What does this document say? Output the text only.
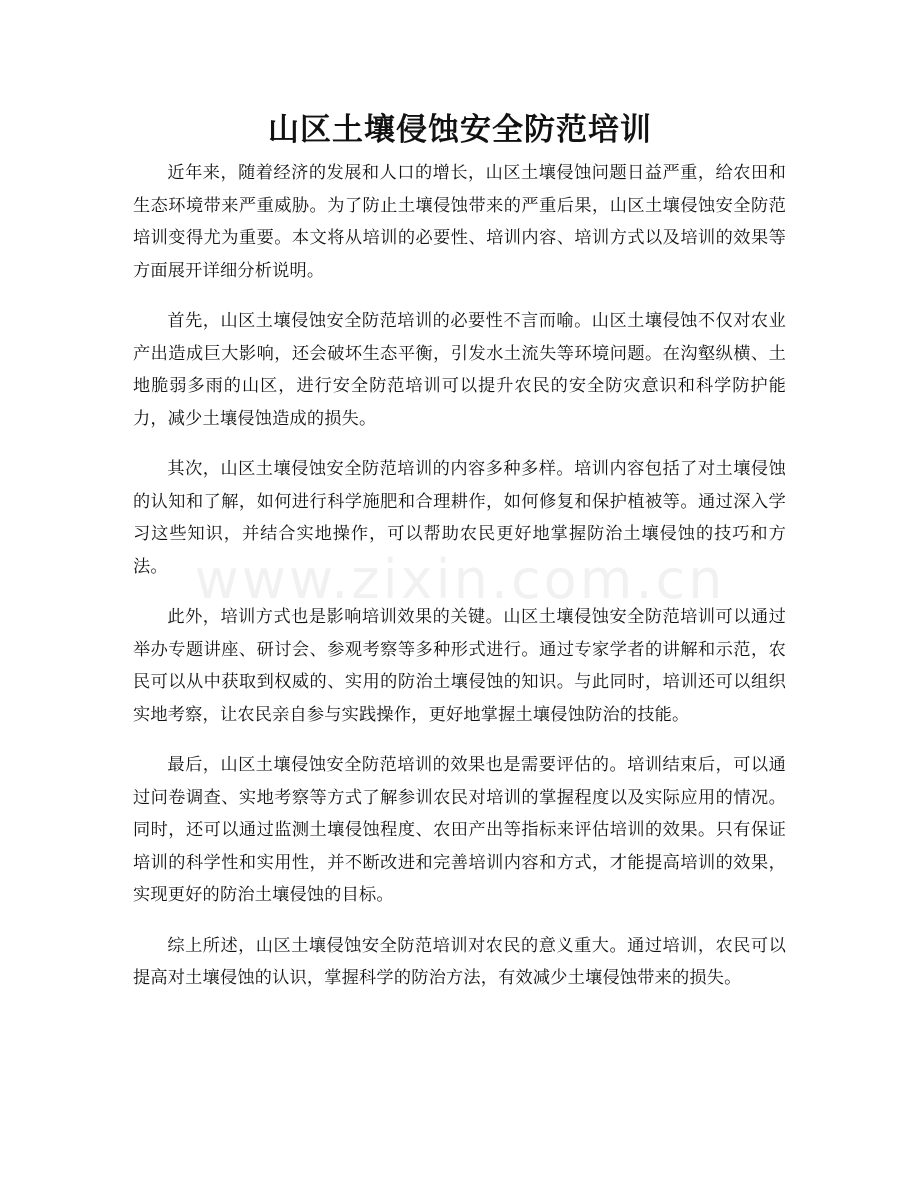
山区土壤侵蚀安全防范培训
www.zixin.com.cn

近年来，随着经济的发展和人口的增长，山区土壤侵蚀问题日益严重，给农田和生态环境带来严重威胁。为了防止土壤侵蚀带来的严重后果，山区土壤侵蚀安全防范培训变得尤为重要。本文将从培训的必要性、培训内容、培训方式以及培训的效果等方面展开详细分析说明。

首先，山区土壤侵蚀安全防范培训的必要性不言而喻。山区土壤侵蚀不仅对农业产出造成巨大影响，还会破坏生态平衡，引发水土流失等环境问题。在沟壑纵横、土地脆弱多雨的山区，进行安全防范培训可以提升农民的安全防灾意识和科学防护能力，减少土壤侵蚀造成的损失。

其次，山区土壤侵蚀安全防范培训的内容多种多样。培训内容包括了对土壤侵蚀的认知和了解，如何进行科学施肥和合理耕作，如何修复和保护植被等。通过深入学习这些知识，并结合实地操作，可以帮助农民更好地掌握防治土壤侵蚀的技巧和方法。

此外，培训方式也是影响培训效果的关键。山区土壤侵蚀安全防范培训可以通过举办专题讲座、研讨会、参观考察等多种形式进行。通过专家学者的讲解和示范，农民可以从中获取到权威的、实用的防治土壤侵蚀的知识。与此同时，培训还可以组织实地考察，让农民亲自参与实践操作，更好地掌握土壤侵蚀防治的技能。

最后，山区土壤侵蚀安全防范培训的效果也是需要评估的。培训结束后，可以通过问卷调查、实地考察等方式了解参训农民对培训的掌握程度以及实际应用的情况。同时，还可以通过监测土壤侵蚀程度、农田产出等指标来评估培训的效果。只有保证培训的科学性和实用性，并不断改进和完善培训内容和方式，才能提高培训的效果，实现更好的防治土壤侵蚀的目标。

综上所述，山区土壤侵蚀安全防范培训对农民的意义重大。通过培训，农民可以提高对土壤侵蚀的认识，掌握科学的防治方法，有效减少土壤侵蚀带来的损失。
